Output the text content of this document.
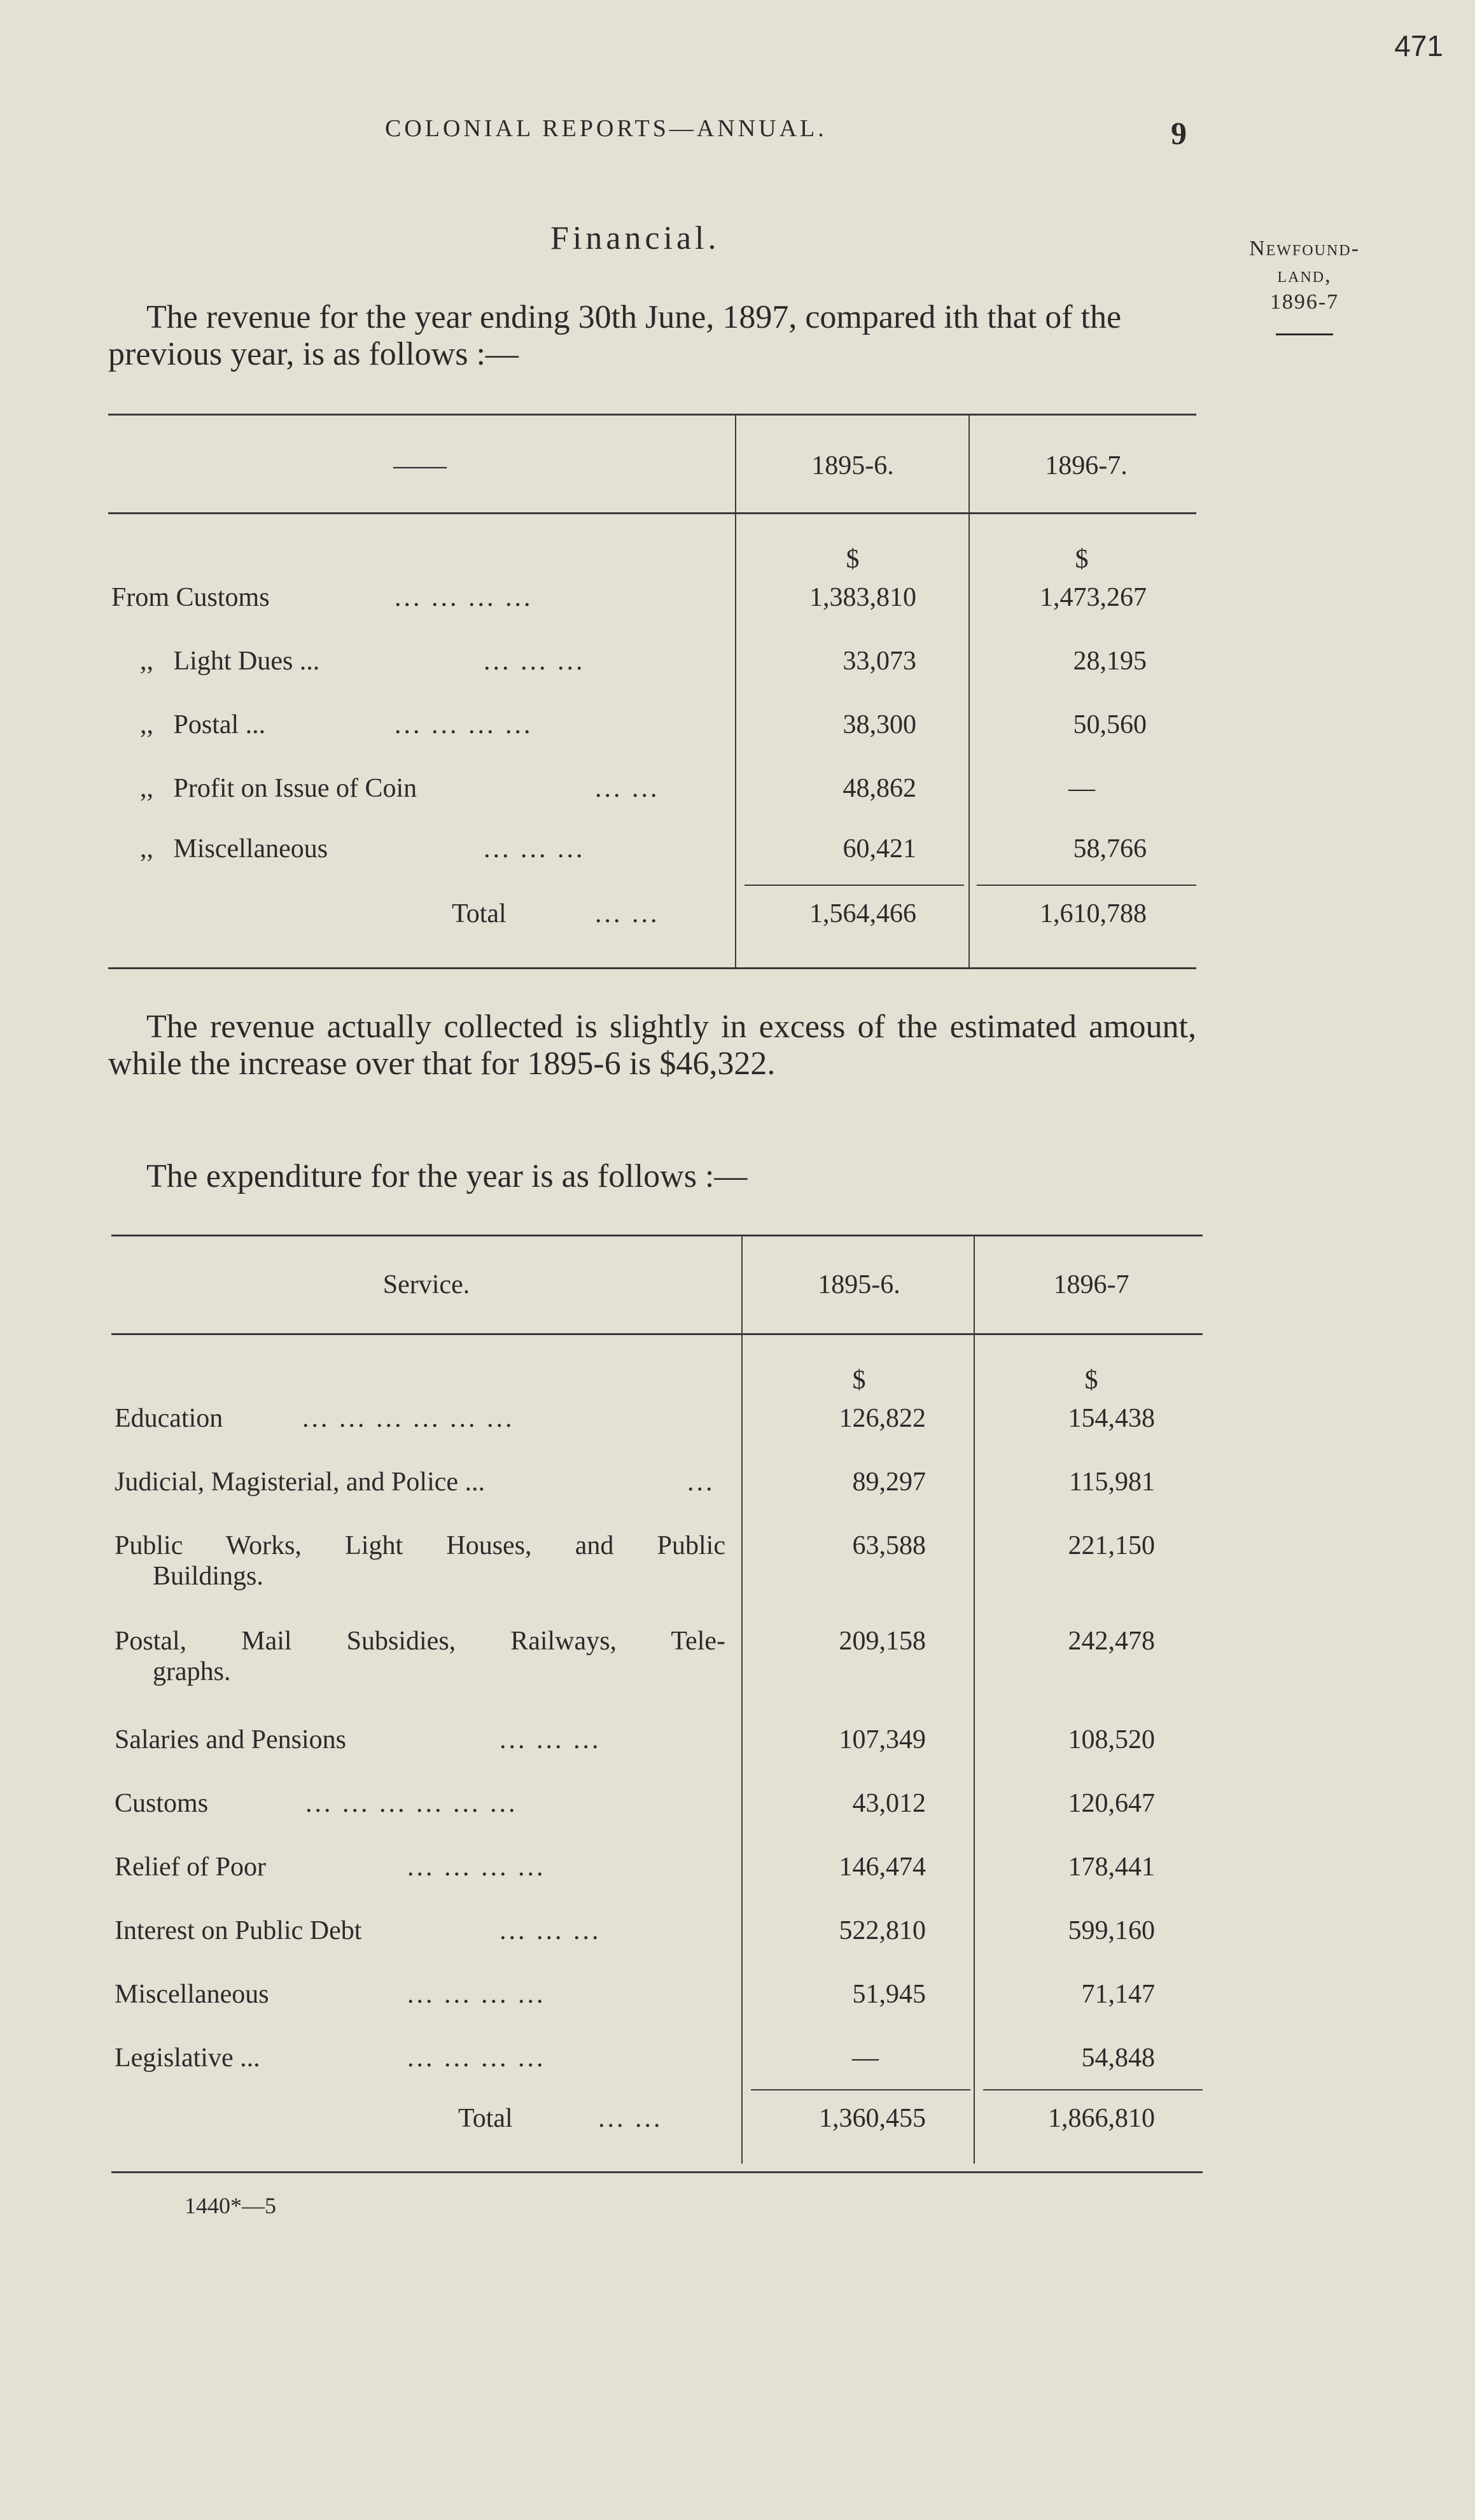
471
COLONIAL REPORTS—ANNUAL.	9
Financial.	Newfound-
land,
1896-7
The revenue for the year ending 30th June, 1897, compared ith that of the previous year, is as follows :—
——	1895-6.	1896-7.
$	$
From Customs	... ... ... ...	1,383,810	1,473,267
,,   Light Dues ...	... ... ...	33,073	28,195
,,   Postal ...	... ... ... ...	38,300	50,560
,,   Profit on Issue of Coin	... ...	48,862	—
,,   Miscellaneous	... ... ...	60,421	58,766
Total	... ...	1,564,466	1,610,788
The revenue actually collected is slightly in excess of the estimated amount, while the increase over that for 1895-6 is $46,322.
The expenditure for the year is as follows :—
Service.	1895-6.	1896-7
$	$
Education	... ... ... ... ... ...	126,822	154,438
Judicial, Magisterial, and Police ...	...	89,297	115,981
Public Works, Light Houses, and Public
Buildings.
63,588	221,150
Postal, Mail Subsidies, Railways, Tele-
graphs.
209,158	242,478
Salaries and Pensions	... ... ...	107,349	108,520
Customs	... ... ... ... ... ...	43,012	120,647
Relief of Poor	... ... ... ...	146,474	178,441
Interest on Public Debt	... ... ...	522,810	599,160
Miscellaneous	... ... ... ...	51,945	71,147
Legislative ...	... ... ... ...	—	54,848
Total	... ...	1,360,455	1,866,810
1440*—5
